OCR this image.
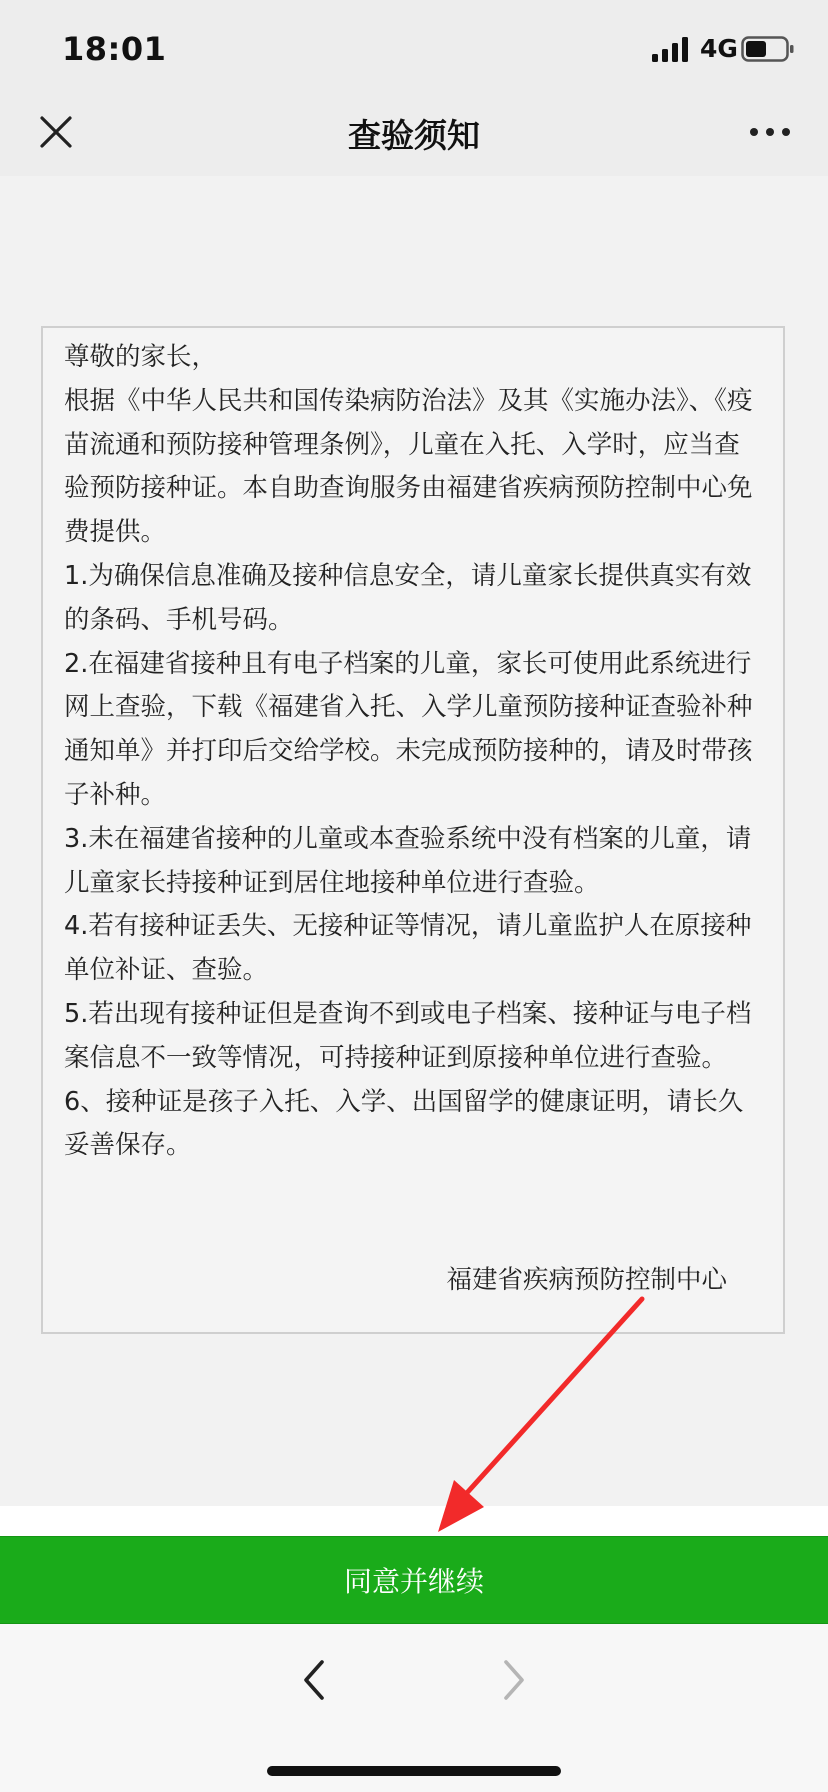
18:01	4G
查验须知

尊敬的家长，

根据《中华人民共和国传染病防治法》及其《实施办法》、《疫苗流通和预防接种管理条例》，儿童在入托、入学时，应当查验预防接种证。本自助查询服务由福建省疾病预防控制中心免费提供。

1.为确保信息准确及接种信息安全，请儿童家长提供真实有效的条码、手机号码。

2.在福建省接种且有电子档案的儿童，家长可使用此系统进行网上查验，下载《福建省入托、入学儿童预防接种证查验补种通知单》并打印后交给学校。未完成预防接种的，请及时带孩子补种。

3.未在福建省接种的儿童或本查验系统中没有档案的儿童，请儿童家长持接种证到居住地接种单位进行查验。

4.若有接种证丢失、无接种证等情况，请儿童监护人在原接种单位补证、查验。

5.若出现有接种证但是查询不到或电子档案、接种证与电子档案信息不一致等情况，可持接种证到原接种单位进行查验。

6、接种证是孩子入托、入学、出国留学的健康证明，请长久妥善保存。

福建省疾病预防控制中心
同意并继续
